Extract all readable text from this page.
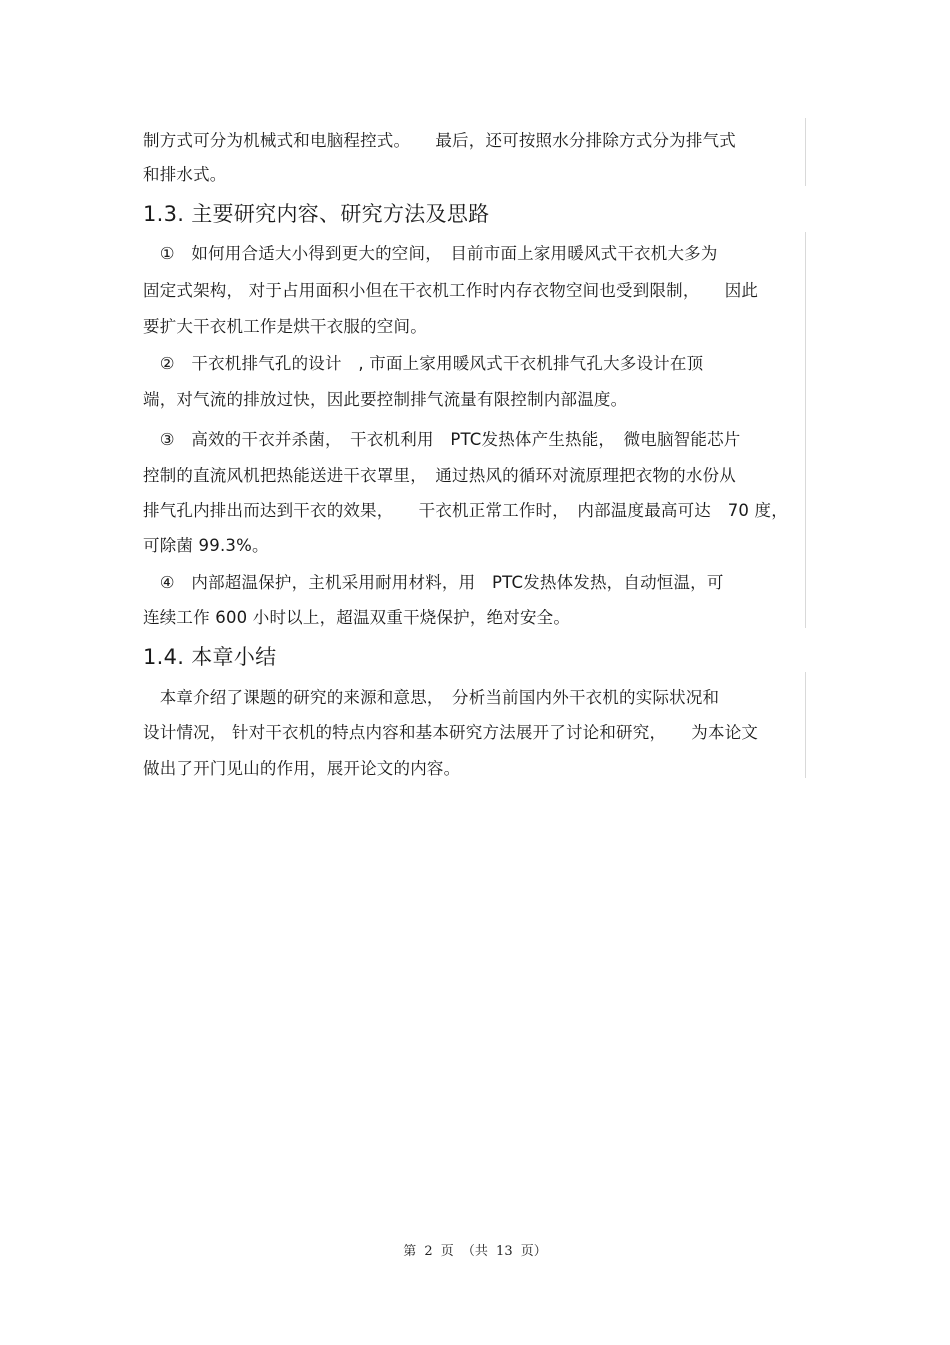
制方式可分为机械式和电脑程控式。　　最后，还可按照水分排除方式分为排气式
和排水式。
1.3. 主要研究内容、研究方法及思路
　①　如何用合适大小得到更大的空间，　目前市面上家用暖风式干衣机大多为
固定式架构， 对于占用面积小但在干衣机工作时内存衣物空间也受到限制，　　因此
要扩大干衣机工作是烘干衣服的空间。
　②　干衣机排气孔的设计　, 市面上家用暖风式干衣机排气孔大多设计在顶
端，对气流的排放过快，因此要控制排气流量有限控制内部温度。
　③　高效的干衣并杀菌，　干衣机利用　PTC发热体产生热能，　微电脑智能芯片
控制的直流风机把热能送进干衣罩里，　通过热风的循环对流原理把衣物的水份从
排气孔内排出而达到干衣的效果，　　干衣机正常工作时，　内部温度最高可达　70 度，
可除菌 99.3%。
　④　内部超温保护，主机采用耐用材料，用　PTC发热体发热，自动恒温，可
连续工作 600 小时以上，超温双重干烧保护，绝对安全。
1.4. 本章小结
　本章介绍了课题的研究的来源和意思，　分析当前国内外干衣机的实际状况和
设计情况， 针对干衣机的特点内容和基本研究方法展开了讨论和研究，　　为本论文
做出了开门见山的作用，展开论文的内容。
第 2 页 （共 13 页）
